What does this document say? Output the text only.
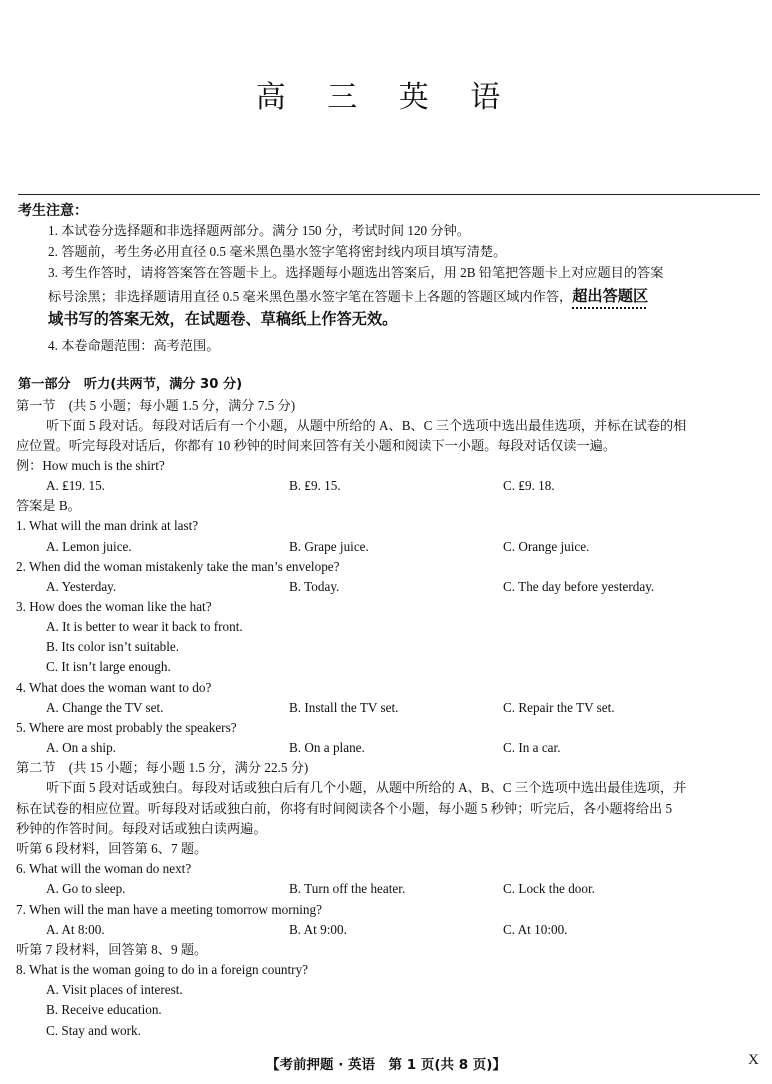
高 三 英 语
考生注意：
1. 本试卷分选择题和非选择题两部分。满分 150 分，考试时间 120 分钟。
2. 答题前，考生务必用直径 0.5 毫米黑色墨水签字笔将密封线内项目填写清楚。
3. 考生作答时，请将答案答在答题卡上。选择题每小题选出答案后，用 2B 铅笔把答题卡上对应题目的答案
标号涂黑；非选择题请用直径 0.5 毫米黑色墨水签字笔在答题卡上各题的答题区域内作答，超出答题区
域书写的答案无效，在试题卷、草稿纸上作答无效。
4. 本卷命题范围：高考范围。
第一部分　听力(共两节，满分 30 分)
第一节　(共 5 小题；每小题 1.5 分，满分 7.5 分)
听下面 5 段对话。每段对话后有一个小题，从题中所给的 A、B、C 三个选项中选出最佳选项，并标在试卷的相
应位置。听完每段对话后，你都有 10 秒钟的时间来回答有关小题和阅读下一小题。每段对话仅读一遍。
例：How much is the shirt?
A. ₤19. 15.	B. ₤9. 15.	C. ₤9. 18.
答案是 B。
1. What will the man drink at last?
A. Lemon juice.	B. Grape juice.	C. Orange juice.
2. When did the woman mistakenly take the man’s envelope?
A. Yesterday.	B. Today.	C. The day before yesterday.
3. How does the woman like the hat?
A. It is better to wear it back to front.
B. Its color isn’t suitable.
C. It isn’t large enough.
4. What does the woman want to do?
A. Change the TV set.	B. Install the TV set.	C. Repair the TV set.
5. Where are most probably the speakers?
A. On a ship.	B. On a plane.	C. In a car.
第二节　(共 15 小题；每小题 1.5 分，满分 22.5 分)
听下面 5 段对话或独白。每段对话或独白后有几个小题，从题中所给的 A、B、C 三个选项中选出最佳选项，并
标在试卷的相应位置。听每段对话或独白前，你将有时间阅读各个小题，每小题 5 秒钟；听完后，各小题将给出 5
秒钟的作答时间。每段对话或独白读两遍。
听第 6 段材料，回答第 6、7 题。
6. What will the woman do next?
A. Go to sleep.	B. Turn off the heater.	C. Lock the door.
7. When will the man have a meeting tomorrow morning?
A. At 8:00.	B. At 9:00.	C. At 10:00.
听第 7 段材料，回答第 8、9 题。
8. What is the woman going to do in a foreign country?
A. Visit places of interest.
B. Receive education.
C. Stay and work.
【考前押题 · 英语　第 1 页(共 8 页)】	X
